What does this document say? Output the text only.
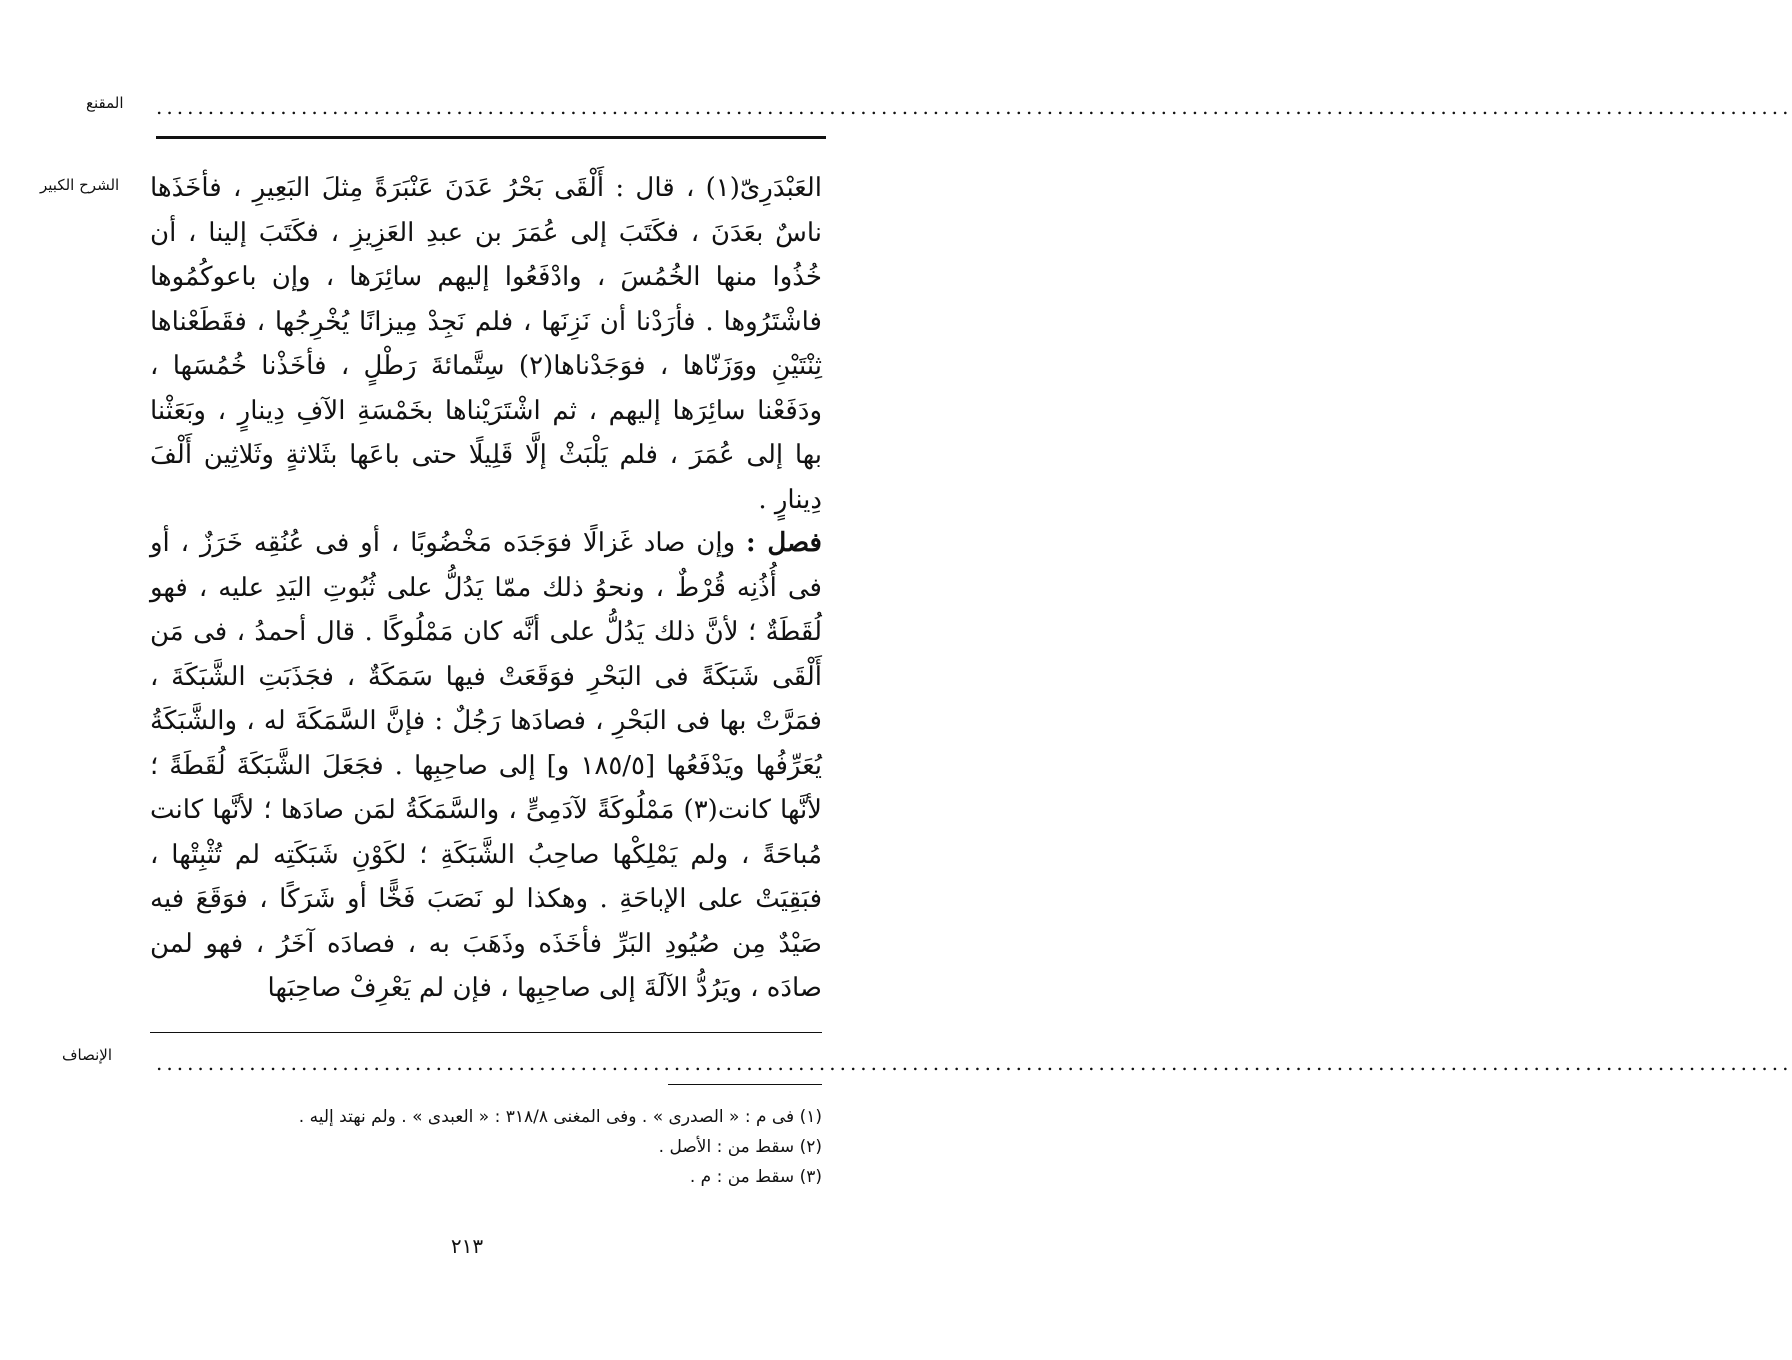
المقنع ..............................................................................................................................................................
الشرح الكبير العَبْدَرِىّ(١) ، قال : أَلْقَى بَحْرُ عَدَنَ عَنْبَرَةً مِثلَ البَعِيرِ ، فأخَذَها ناسٌ بعَدَنَ ، فكَتَبَ إلى عُمَرَ بن عبدِ العَزِيزِ ، فكَتَبَ إلينا ، أن خُذُوا منها الخُمُسَ ، وادْفَعُوا إليهم سائِرَها ، وإن باعوكُمُوها فاشْتَرُوها . فأرَدْنا أن نَزِنَها ، فلم نَجِدْ مِيزانًا يُخْرِجُها ، فقَطَعْناها ثِنْتَيْنِ ووَزَنّاها ، فوَجَدْناها(٢) سِتَّمائةَ رَطْلٍ ، فأخَذْنا خُمُسَها ، ودَفَعْنا سائِرَها إليهم ، ثم اشْتَرَيْناها بخَمْسَةِ الآفِ دِينارٍ ، وبَعَثْنا بها إلى عُمَرَ ، فلم يَلْبَثْ إلَّا قَلِيلًا حتى باعَها بثَلاثةٍ وثَلاثِين أَلْفَ دِينارٍ .

فصل : وإن صاد غَزالًا فوَجَدَه مَخْضُوبًا ، أو فى عُنُقِه خَرَزٌ ، أو فى أُذُنِه قُرْطٌ ، ونحوُ ذلك ممّا يَدُلُّ على ثُبُوتِ اليَدِ عليه ، فهو لُقَطَةٌ ؛ لأنَّ ذلك يَدُلُّ على أنَّه كان مَمْلُوكًا . قال أحمدُ ، فى مَن أَلْقَى شَبَكَةً فى البَحْرِ فوَقَعَتْ فيها سَمَكَةٌ ، فجَذَبَتِ الشَّبَكَةَ ، فمَرَّتْ بها فى البَحْرِ ، فصادَها رَجُلٌ : فإنَّ السَّمَكَةَ له ، والشَّبَكَةُ يُعَرِّفُها ويَدْفَعُها [١٨٥/٥ و] إلى صاحِبِها . فجَعَلَ الشَّبَكَةَ لُقَطَةً ؛ لأنَّها كانت(٣) مَمْلُوكَةً لآدَمِىٍّ ، والسَّمَكَةُ لمَن صادَها ؛ لأنَّها كانت مُباحَةً ، ولم يَمْلِكْها صاحِبُ الشَّبَكَةِ ؛ لكَوْنِ شَبَكَتِه لم تُثْبِتْها ، فبَقِيَتْ على الإباحَةِ . وهكذا لو نَصَبَ فَخًّا أو شَرَكًا ، فوَقَعَ فيه صَيْدٌ مِن صُيُودِ البَرِّ فأخَذَه وذَهَبَ به ، فصادَه آخَرُ ، فهو لمن صادَه ، ويَرُدُّ الآلَةَ إلى صاحِبِها ، فإن لم يَعْرِفْ صاحِبَها

الإنصاف ..............................................................................................................................................................
(١) فى م : « الصدرى » . وفى المغنى ٣١٨/٨ : « العبدى » . ولم نهتد إليه .
(٢) سقط من : الأصل .
(٣) سقط من : م .
٢١٣
